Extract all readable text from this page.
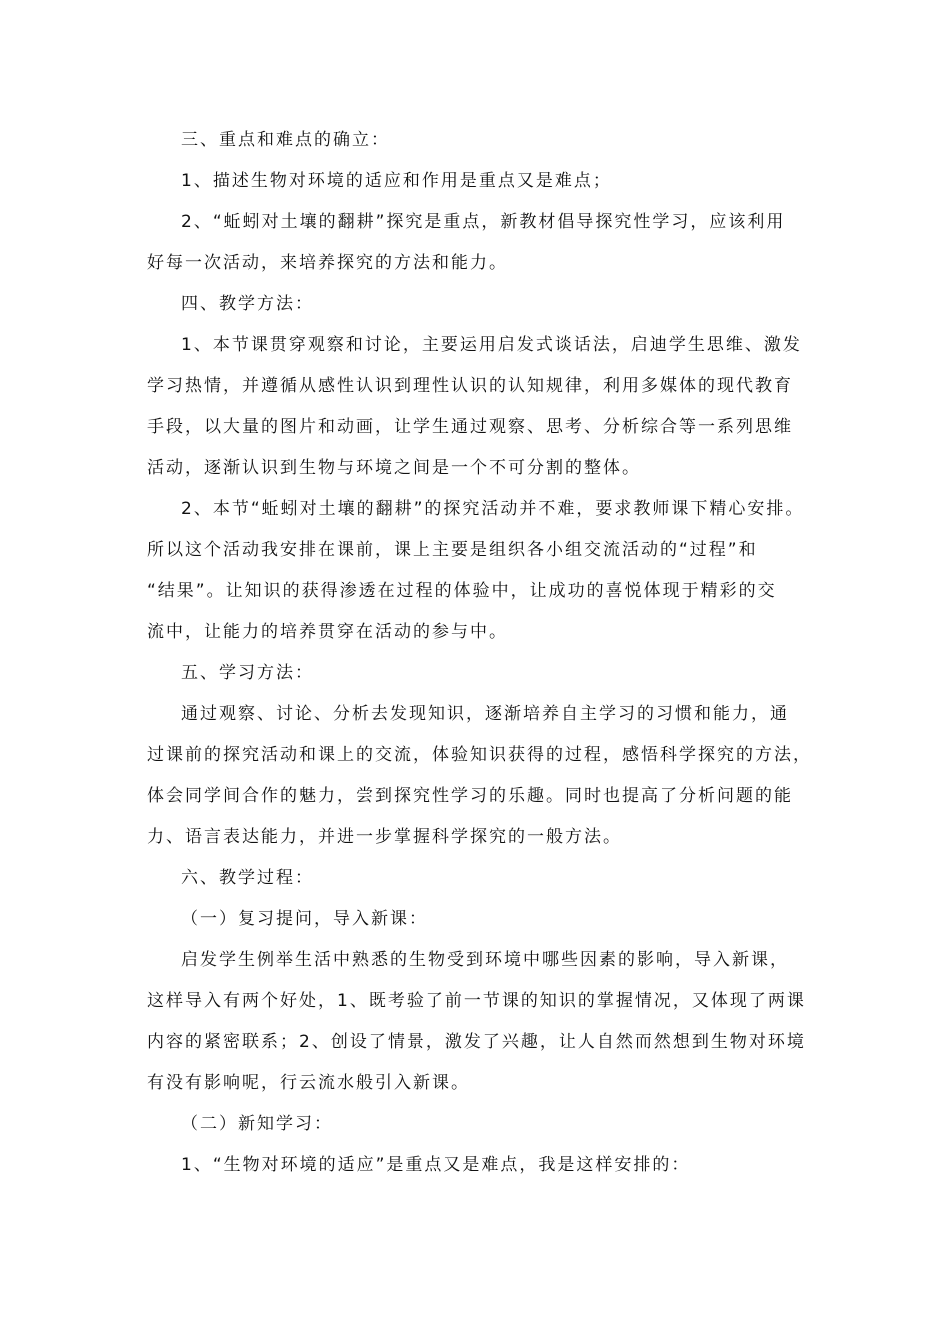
三、重点和难点的确立：

1、描述生物对环境的适应和作用是重点又是难点；

2、“蚯蚓对土壤的翻耕”探究是重点，新教材倡导探究性学习，应该利用

好每一次活动，来培养探究的方法和能力。

四、教学方法：

1、本节课贯穿观察和讨论，主要运用启发式谈话法，启迪学生思维、激发

学习热情，并遵循从感性认识到理性认识的认知规律，利用多媒体的现代教育

手段，以大量的图片和动画，让学生通过观察、思考、分析综合等一系列思维

活动，逐渐认识到生物与环境之间是一个不可分割的整体。

2、本节“蚯蚓对土壤的翻耕”的探究活动并不难，要求教师课下精心安排。

所以这个活动我安排在课前，课上主要是组织各小组交流活动的“过程”和

“结果”。让知识的获得渗透在过程的体验中，让成功的喜悦体现于精彩的交

流中，让能力的培养贯穿在活动的参与中。

五、学习方法：

通过观察、讨论、分析去发现知识，逐渐培养自主学习的习惯和能力，通

过课前的探究活动和课上的交流，体验知识获得的过程，感悟科学探究的方法，

体会同学间合作的魅力，尝到探究性学习的乐趣。同时也提高了分析问题的能

力、语言表达能力，并进一步掌握科学探究的一般方法。

六、教学过程：

（一）复习提问，导入新课：

启发学生例举生活中熟悉的生物受到环境中哪些因素的影响，导入新课，

这样导入有两个好处，1、既考验了前一节课的知识的掌握情况，又体现了两课

内容的紧密联系；2、创设了情景，激发了兴趣，让人自然而然想到生物对环境

有没有影响呢，行云流水般引入新课。

（二）新知学习：

1、“生物对环境的适应”是重点又是难点，我是这样安排的：
